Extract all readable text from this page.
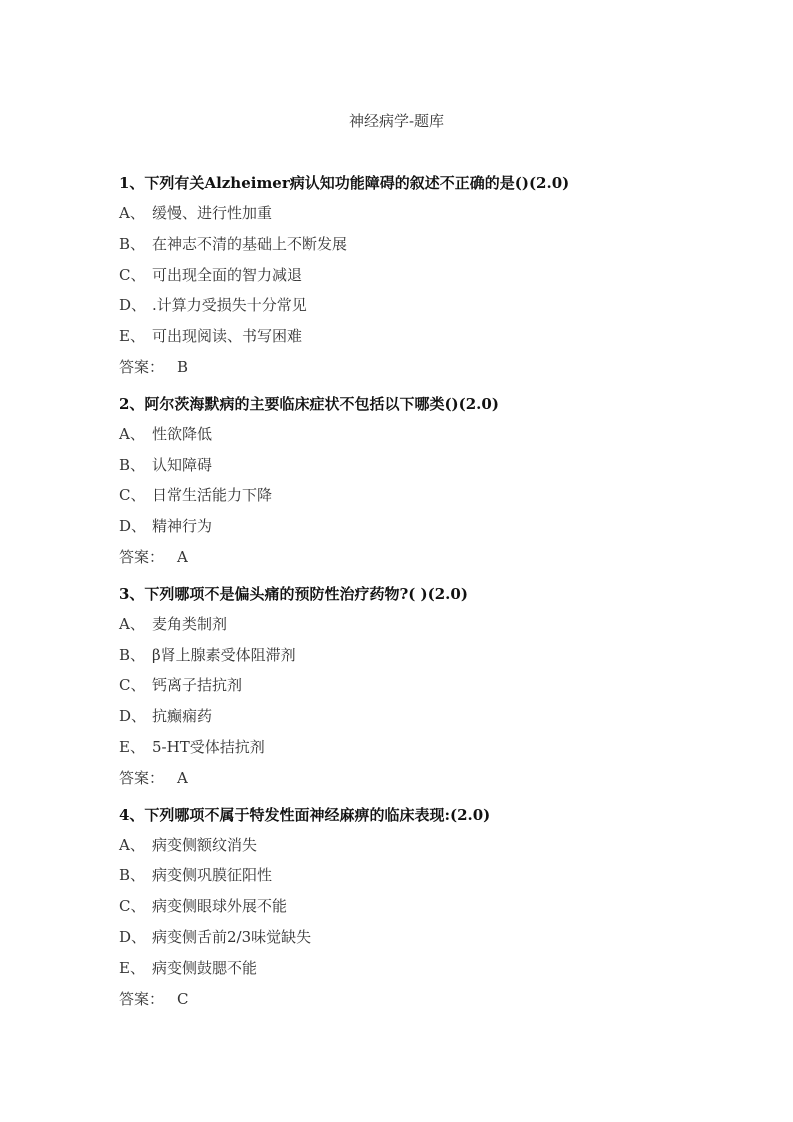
神经病学-题库
1、下列有关Alzheimer病认知功能障碍的叙述不正确的是()(2.0)
A、 缓慢、进行性加重
B、 在神志不清的基础上不断发展
C、 可出现全面的智力减退
D、 .计算力受损失十分常见
E、 可出现阅读、书写困难
答案： B
2、阿尔茨海默病的主要临床症状不包括以下哪类()(2.0)
A、 性欲降低
B、 认知障碍
C、 日常生活能力下降
D、 精神行为
答案： A
3、下列哪项不是偏头痛的预防性治疗药物?( )(2.0)
A、 麦角类制剂
B、 β肾上腺素受体阻滞剂
C、 钙离子拮抗剂
D、 抗癫痫药
E、 5-HT受体拮抗剂
答案： A
4、下列哪项不属于特发性面神经麻痹的临床表现:(2.0)
A、 病变侧额纹消失
B、 病变侧巩膜征阳性
C、 病变侧眼球外展不能
D、 病变侧舌前2/3味觉缺失
E、 病变侧鼓腮不能
答案： C
